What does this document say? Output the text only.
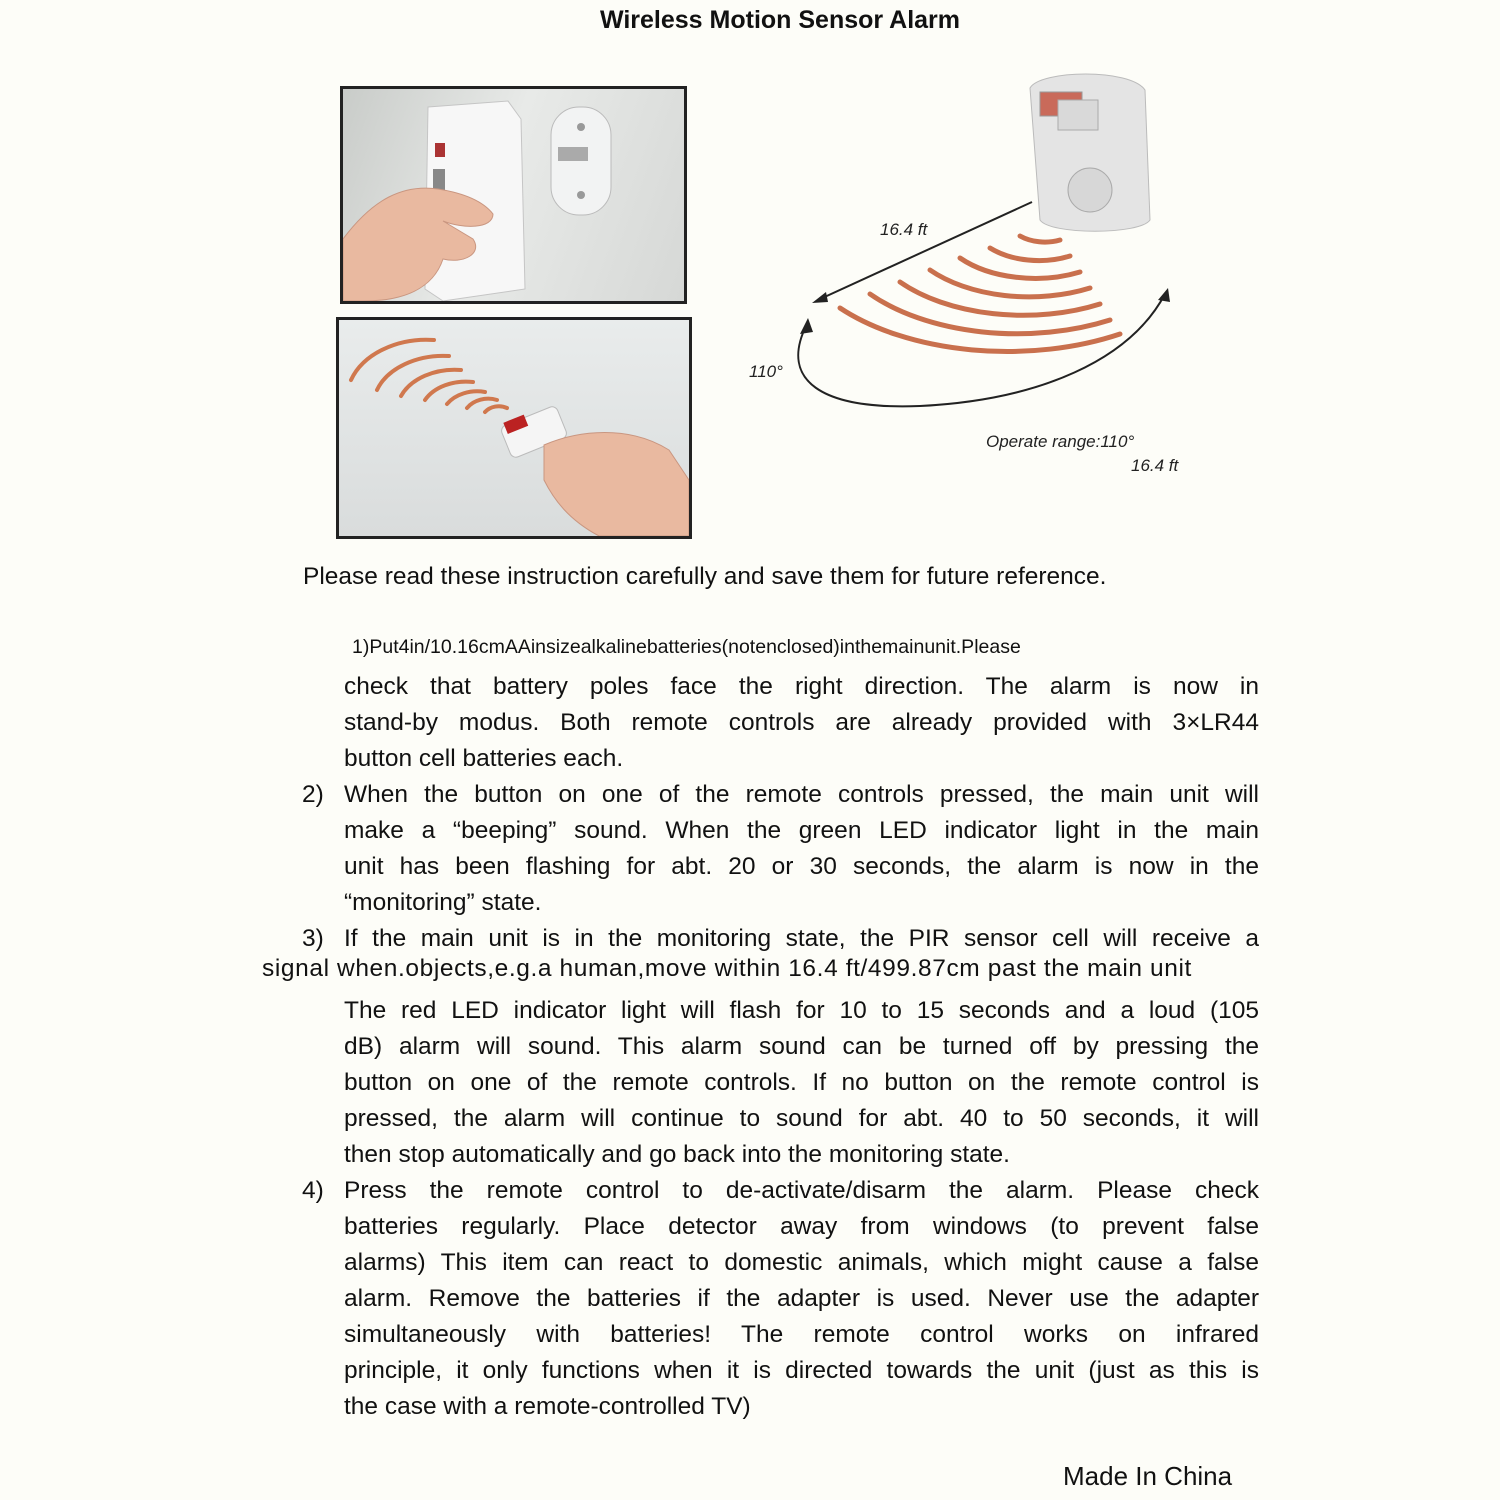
Wireless Motion Sensor Alarm
16.4 ft
110°
Operate range:110°
16.4 ft
Please read these instruction carefully and save them for future reference.
1)Put4in/10.16cmAAinsizealkalinebatteries(notenclosed)inthemainunit.Please
check that battery poles face the right direction. The alarm is now in
stand-by modus. Both remote controls are already provided with 3×LR44
button cell batteries each.
2) When the button on one of the remote controls pressed, the main unit will
make a “beeping” sound. When the green LED indicator light in the main
unit has been flashing for abt. 20 or 30 seconds, the alarm is now in the
“monitoring” state.
3) If the main unit is in the monitoring state, the PIR sensor cell will receive a
signal when.objects,e.g.a human,move within 16.4 ft/499.87cm past the main unit
The red LED indicator light will flash for 10 to 15 seconds and a loud (105
dB) alarm will sound. This alarm sound can be turned off by pressing the
button on one of the remote controls. If no button on the remote control is
pressed, the alarm will continue to sound for abt. 40 to 50 seconds, it will
then stop automatically and go back into the monitoring state.
4) Press the remote control to de-activate/disarm the alarm. Please check
batteries regularly. Place detector away from windows (to prevent false
alarms) This item can react to domestic animals, which might cause a false
alarm. Remove the batteries if the adapter is used. Never use the adapter
simultaneously with batteries! The remote control works on infrared
principle, it only functions when it is directed towards the unit (just as this is
the case with a remote-controlled TV)
Made In China
